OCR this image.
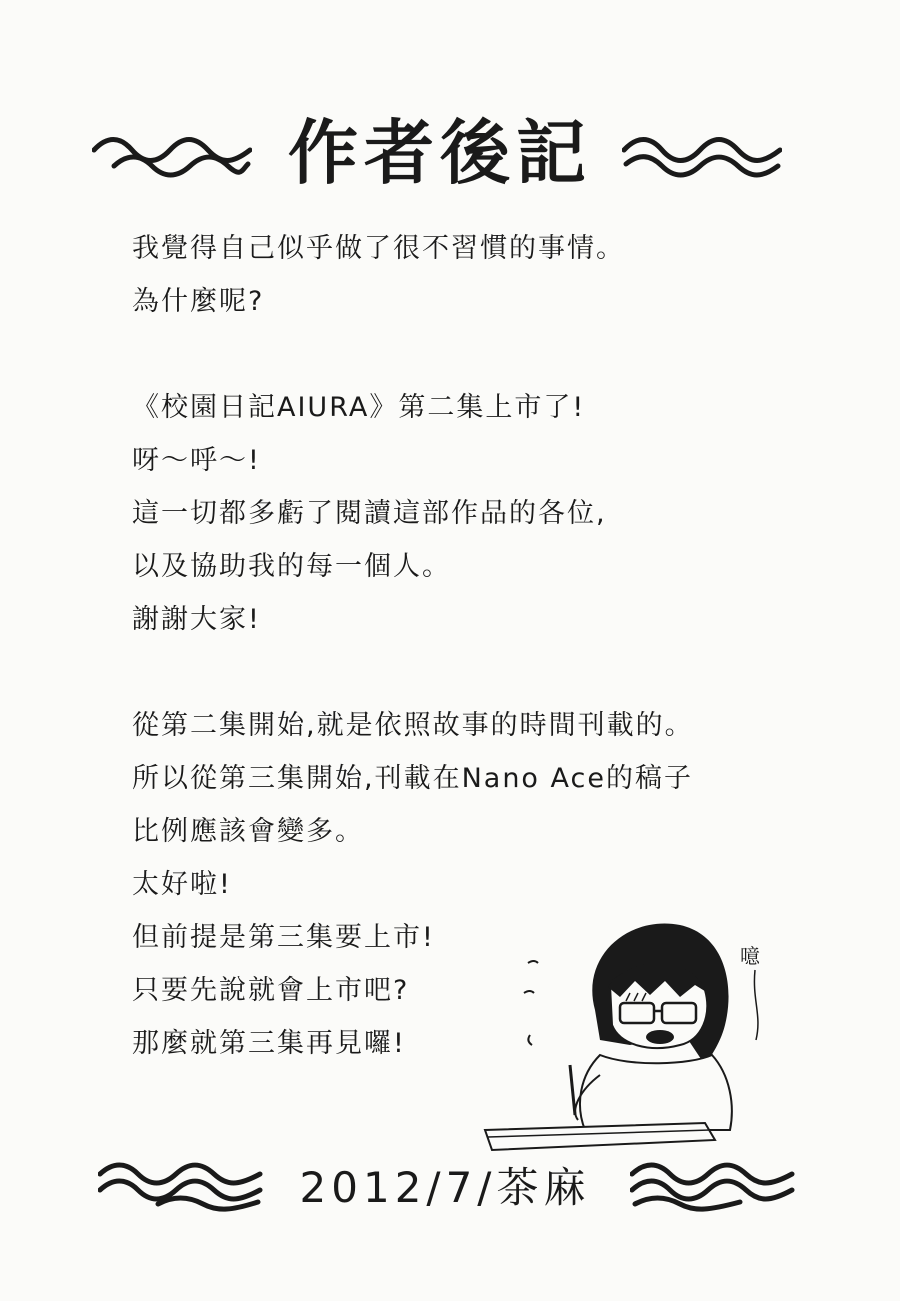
作者後記
我覺得自己似乎做了很不習慣的事情。
為什麼呢?
《校園日記AIURA》第二集上市了!
呀～呼～!
這一切都多虧了閱讀這部作品的各位,
以及協助我的每一個人。
謝謝大家!
從第二集開始,就是依照故事的時間刊載的。
所以從第三集開始,刊載在Nano Ace的稿子
比例應該會變多。
太好啦!
但前提是第三集要上市!
只要先說就會上市吧?
那麼就第三集再見囉!
噫
2012/7/茶麻
